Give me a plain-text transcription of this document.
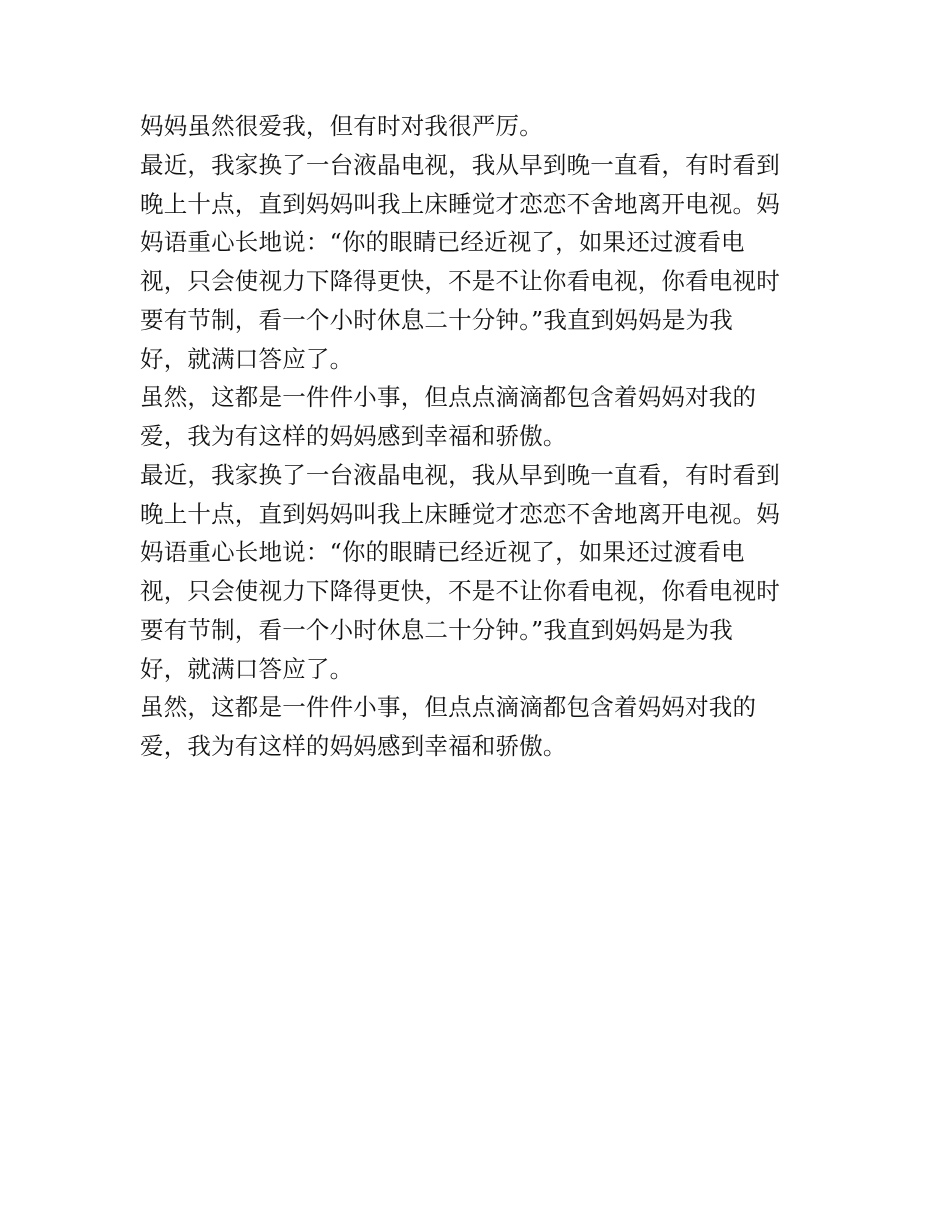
妈妈虽然很爱我，但有时对我很严厉。
最近，我家换了一台液晶电视，我从早到晚一直看，有时看到
晚上十点，直到妈妈叫我上床睡觉才恋恋不舍地离开电视。妈
妈语重心长地说：“你的眼睛已经近视了，如果还过渡看电
视，只会使视力下降得更快，不是不让你看电视，你看电视时
要有节制，看一个小时休息二十分钟。”我直到妈妈是为我
好，就满口答应了。
虽然，这都是一件件小事，但点点滴滴都包含着妈妈对我的
爱，我为有这样的妈妈感到幸福和骄傲。
最近，我家换了一台液晶电视，我从早到晚一直看，有时看到
晚上十点，直到妈妈叫我上床睡觉才恋恋不舍地离开电视。妈
妈语重心长地说：“你的眼睛已经近视了，如果还过渡看电
视，只会使视力下降得更快，不是不让你看电视，你看电视时
要有节制，看一个小时休息二十分钟。”我直到妈妈是为我
好，就满口答应了。
虽然，这都是一件件小事，但点点滴滴都包含着妈妈对我的
爱，我为有这样的妈妈感到幸福和骄傲。
